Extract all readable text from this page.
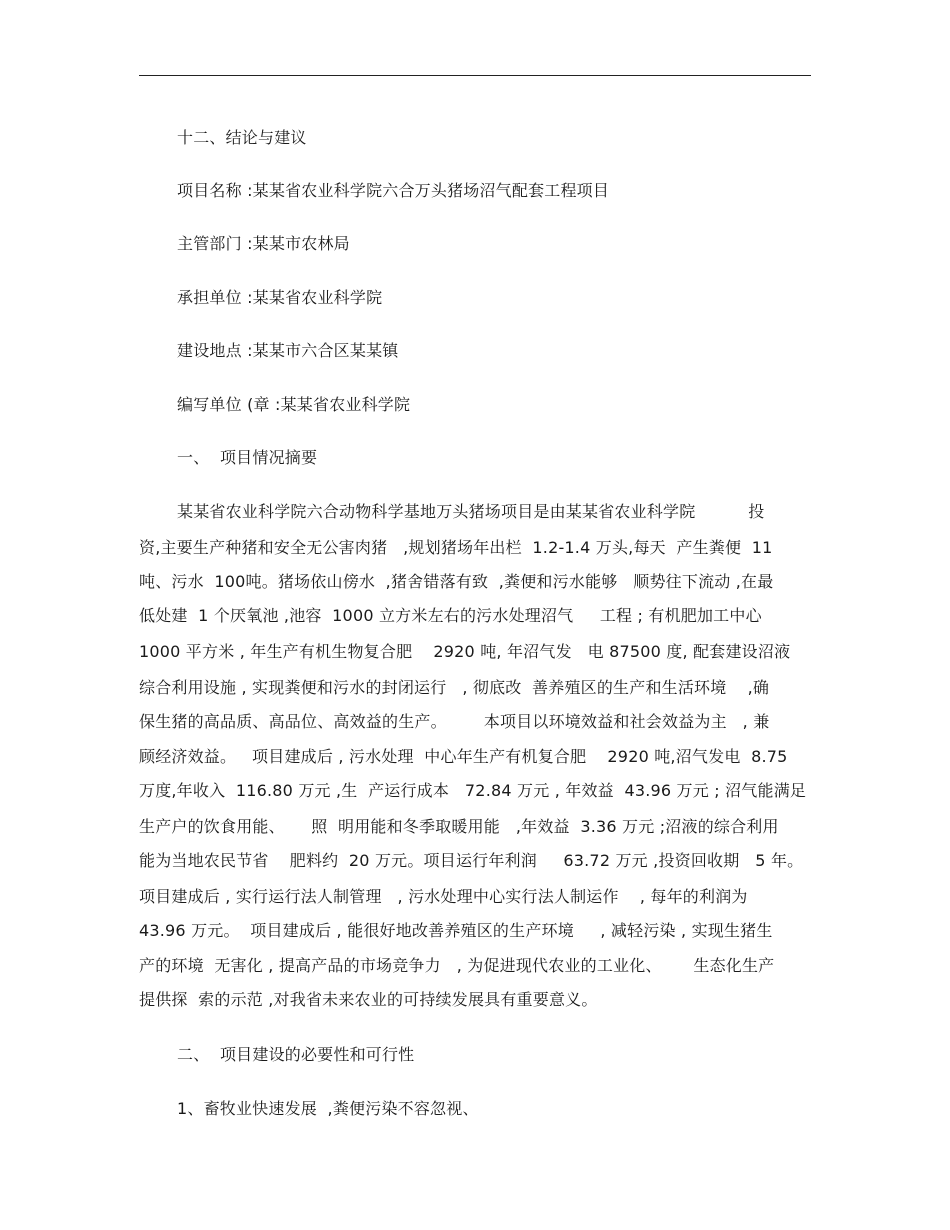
十二、结论与建议
项目名称 :某某省农业科学院六合万头猪场沼气配套工程项目
主管部门 :某某市农林局
承担单位 :某某省农业科学院
建设地点 :某某市六合区某某镇
编写单位 (章 :某某省农业科学院
一、  项目情况摘要
某某省农业科学院六合动物科学基地万头猪场项目是由某某省农业科学院          投
资,主要生产种猪和安全无公害肉猪   ,规划猪场年出栏  1.2-1.4 万头,每天  产生粪便  11
吨、污水  100吨。猪场依山傍水  ,猪舍错落有致  ,粪便和污水能够   顺势往下流动 ,在最
低处建  1 个厌氧池 ,池容  1000 立方米左右的污水处理沼气     工程 ; 有机肥加工中心
1000 平方米 , 年生产有机生物复合肥    2920 吨, 年沼气发   电 87500 度, 配套建设沼液
综合利用设施 , 实现粪便和污水的封闭运行   , 彻底改  善养殖区的生产和生活环境    ,确
保生猪的高品质、高品位、高效益的生产。       本项目以环境效益和社会效益为主   , 兼
顾经济效益。   项目建成后 , 污水处理  中心年生产有机复合肥    2920 吨,沼气发电  8.75
万度,年收入  116.80 万元 ,生  产运行成本   72.84 万元 , 年效益  43.96 万元 ; 沼气能满足
生产户的饮食用能、     照  明用能和冬季取暖用能   ,年效益  3.36 万元 ;沼液的综合利用
能为当地农民节省    肥料约  20 万元。项目运行年利润     63.72 万元 ,投资回收期   5 年。
项目建成后 , 实行运行法人制管理   , 污水处理中心实行法人制运作    , 每年的利润为
43.96 万元。  项目建成后 , 能很好地改善养殖区的生产环境     , 减轻污染 , 实现生猪生
产的环境  无害化 , 提高产品的市场竞争力   , 为促进现代农业的工业化、      生态化生产
提供探  索的示范 ,对我省未来农业的可持续发展具有重要意义。
二、  项目建设的必要性和可行性
1、畜牧业快速发展  ,粪便污染不容忽视、
